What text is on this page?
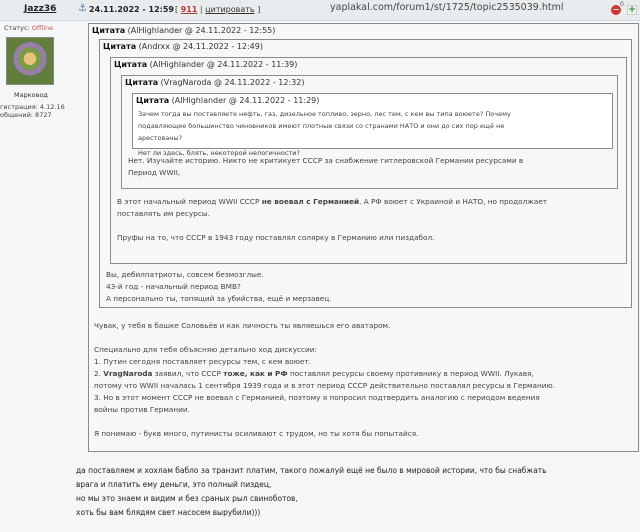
Jazz36 ⚓ 24.11.2022 - 12:59 [ 911 | цитировать ]	yaplakal.com/forum1/st/1725/topic2535039.html	−
0
+
Статус: Offline
Марковод
гистрация: 4.12.16
общений: 8727
Цитата (AlHighlander @ 24.11.2022 - 12:55)
Цитата (Andrxx @ 24.11.2022 - 12:49)
Цитата (AlHighlander @ 24.11.2022 - 11:39)
Цитата (VragNaroda @ 24.11.2022 - 12:32)
Цитата (AlHighlander @ 24.11.2022 - 11:29)
Зачем тогда вы поставляете нефть, газ, дизельное топливо, зерно, лес тем, с кем вы типа воюете? Почему
подавляющее большинство чиновников имеют плотные связи со странами НАТО и они до сих пор ещё не
арестованы?
Нет ли здесь, блять, некоторой нелогичности?
Нет. Изучайте историю. Никто не критикует СССР за снабжение гитлеровской Германии ресурсами в
Период WWII,
В этот начальный период WWII СССР не воевал с Германией. А РФ воюет с Украиной и НАТО, но продолжает
поставлять им ресурсы.
Пруфы на то, что СССР в 1943 году поставлял солярку в Германию или пиздабол.
Вы, дебилпатриоты, совсем безмозглые.
43-й год - начальный период ВМВ?
А персонально ты, топящий за убийства, ещё и мерзавец.
Чувак, у тебя в башке Соловьёв и как личность ты являешься его аватаром.
Специально для тебя объясняю детально ход дискуссии:
1. Путин сегодня поставляет ресурсы тем, с кем воюет.
2. VragNaroda заявил, что СССР тоже, как и РФ поставлял ресурсы своему противнику в период WWII. Лукавя,
потому что WWII началась 1 сентября 1939 года и в этот период СССР действительно поставлял ресурсы в Германию.
3. Но в этот момент СССР не воевал с Германией, поэтому я попросил подтвердить аналогию с периодом ведения
войны против Германии.
Я понимаю - букв много, путинисты осиливают с трудом, но ты хотя бы попытайся.
да поставляем и хохлам бабло за транзит платим, такого пожалуй ещё не было в мировой истории, что бы снабжать
врага и платить ему деньги, это полный пиздец,
но мы это знаем и видим и без сраных рыл свиноботов,
хоть бы вам блядям свет насосем вырубили)))
